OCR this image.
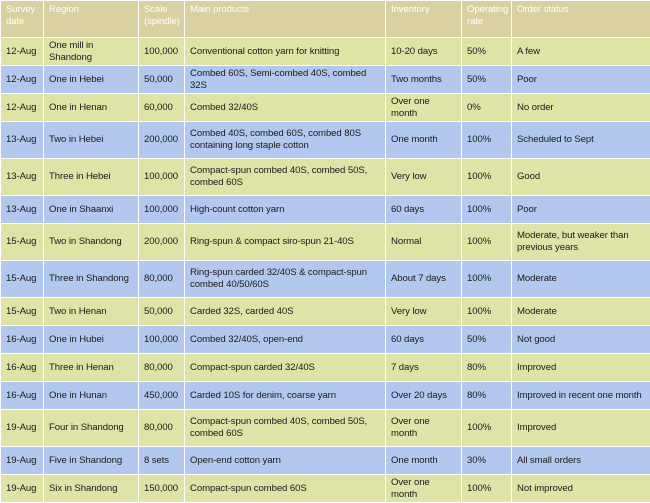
Survey date	Region	Scale (spindle)	Main products	Inventory	Operating rate	Order status
12-Aug	One mill in Shandong	100,000	Conventional cotton yarn for knitting	10-20 days	50%	A few
12-Aug	One in Hebei	50,000	Combed 60S, Semi-combed 40S, combed 32S	Two months	50%	Poor
12-Aug	One in Henan	60,000	Combed 32/40S	Over one month	0%	No order
13-Aug	Two in Hebei	200,000	Combed 40S, combed 60S, combed 80S containing long staple cotton	One month	100%	Scheduled to Sept
13-Aug	Three in Hebei	100,000	Compact-spun combed 40S, combed 50S, combed 60S	Very low	100%	Good
13-Aug	One in Shaanxi	100,000	High-count cotton yarn	60 days	100%	Poor
15-Aug	Two in Shandong	200,000	Ring-spun & compact siro-spun 21-40S	Normal	100%	Moderate, but weaker than previous years
15-Aug	Three in Shandong	80,000	Ring-spun carded 32/40S & compact-spun combed 40/50/60S	About 7 days	100%	Moderate
15-Aug	Two in Henan	50,000	Carded 32S, carded 40S	Very low	100%	Moderate
16-Aug	One in Hubei	100,000	Combed 32/40S, open-end	60 days	50%	Not good
16-Aug	Three in Henan	80,000	Compact-spun carded 32/40S	7 days	80%	Improved
16-Aug	One in Hunan	450,000	Carded 10S for denim, coarse yarn	Over 20 days	80%	Improved in recent one month
19-Aug	Four in Shandong	80,000	Compact-spun combed 40S, combed 50S, combed 60S	Over one month	100%	Improved
19-Aug	Five in Shandong	8 sets	Open-end cotton yarn	One month	30%	All small orders
19-Aug	Six in Shandong	150,000	Compact-spun combed 60S	Over one month	100%	Not improved
